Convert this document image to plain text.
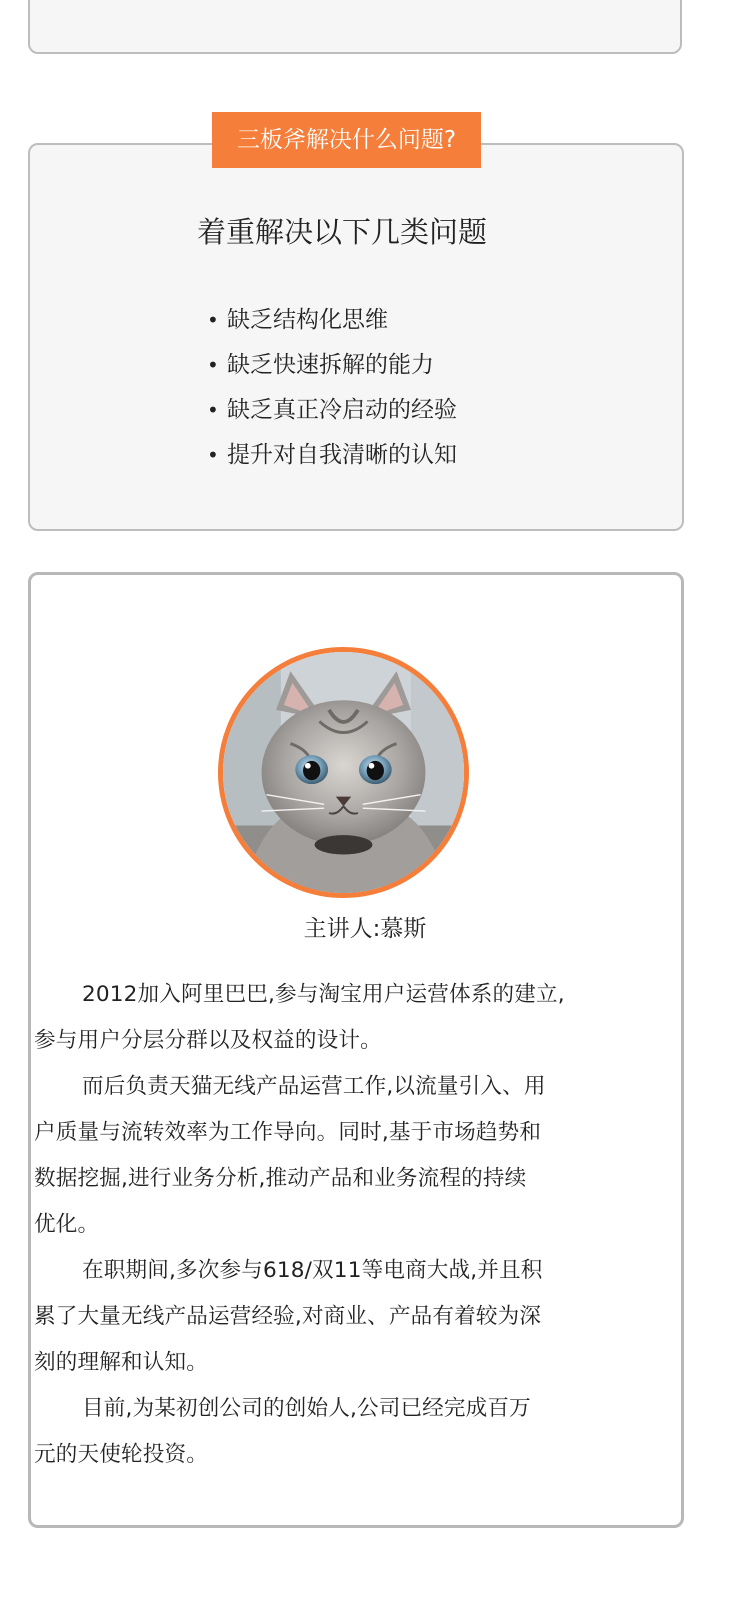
三板斧解决什么问题?
着重解决以下几类问题
• 缺乏结构化思维
• 缺乏快速拆解的能力
• 缺乏真正冷启动的经验
• 提升对自我清晰的认知
主讲人:慕斯
2012加入阿里巴巴,参与淘宝用户运营体系的建立,
参与用户分层分群以及权益的设计。
而后负责天猫无线产品运营工作,以流量引入、用
户质量与流转效率为工作导向。同时,基于市场趋势和
数据挖掘,进行业务分析,推动产品和业务流程的持续
优化。
在职期间,多次参与618/双11等电商大战,并且积
累了大量无线产品运营经验,对商业、产品有着较为深
刻的理解和认知。
目前,为某初创公司的创始人,公司已经完成百万
元的天使轮投资。
